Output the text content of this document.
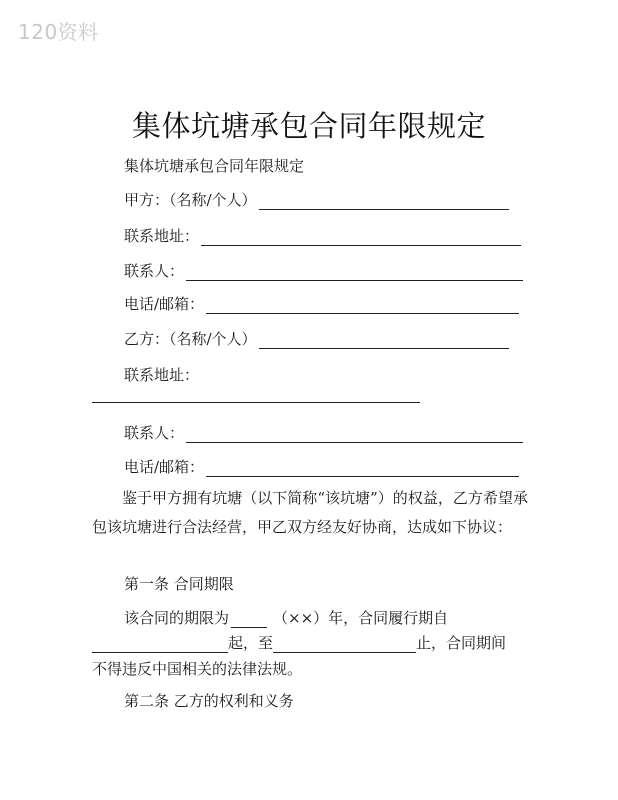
120资料
集体坑塘承包合同年限规定
集体坑塘承包合同年限规定
甲方：（名称/个人）
联系地址：
联系人：
电话/邮箱：
乙方：（名称/个人）
联系地址：
联系人：
电话/邮箱：
鉴于甲方拥有坑塘（以下简称“该坑塘”）的权益，乙方希望承包该坑塘进行合法经营，甲乙双方经友好协商，达成如下协议：
第一条 合同期限
该合同的期限为	（××）年，合同履行期自
起，至	止，合同期间
不得违反中国相关的法律法规。
第二条 乙方的权利和义务
